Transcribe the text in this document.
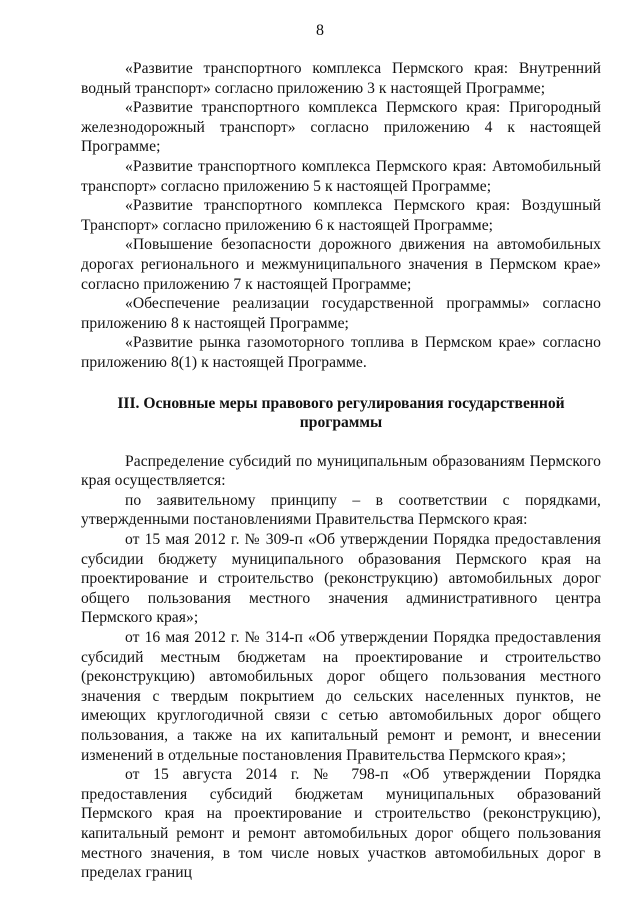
8

«Развитие транспортного комплекса Пермского края: Внутренний водный транспорт» согласно приложению 3 к настоящей Программе;

«Развитие транспортного комплекса Пермского края: Пригородный железнодорожный транспорт» согласно приложению 4 к настоящей Программе;

«Развитие транспортного комплекса Пермского края: Автомобильный транспорт» согласно приложению 5 к настоящей Программе;

«Развитие транспортного комплекса Пермского края: Воздушный Транспорт» согласно приложению 6 к настоящей Программе;

«Повышение безопасности дорожного движения на автомобильных дорогах регионального и межмуниципального значения в Пермском крае» согласно приложению 7 к настоящей Программе;

«Обеспечение реализации государственной программы» согласно приложению 8 к настоящей Программе;

«Развитие рынка газомоторного топлива в Пермском крае» согласно приложению 8(1) к настоящей Программе.

III. Основные меры правового регулирования государственной программы

Распределение субсидий по муниципальным образованиям Пермского края осуществляется:

по заявительному принципу – в соответствии с порядками, утвержденными постановлениями Правительства Пермского края:

от 15 мая 2012 г. № 309-п «Об утверждении Порядка предоставления субсидии бюджету муниципального образования Пермского края на проектирование и строительство (реконструкцию) автомобильных дорог общего пользования местного значения административного центра Пермского края»;

от 16 мая 2012 г. № 314-п «Об утверждении Порядка предоставления субсидий местным бюджетам на проектирование и строительство (реконструкцию) автомобильных дорог общего пользования местного значения с твердым покрытием до сельских населенных пунктов, не имеющих круглогодичной связи с сетью автомобильных дорог общего пользования, а также на их капитальный ремонт и ремонт, и внесении изменений в отдельные постановления Правительства Пермского края»;

от 15 августа 2014 г. № 798-п «Об утверждении Порядка предоставления субсидий бюджетам муниципальных образований Пермского края на проектирование и строительство (реконструкцию), капитальный ремонт и ремонт автомобильных дорог общего пользования местного значения, в том числе новых участков автомобильных дорог в пределах границ
